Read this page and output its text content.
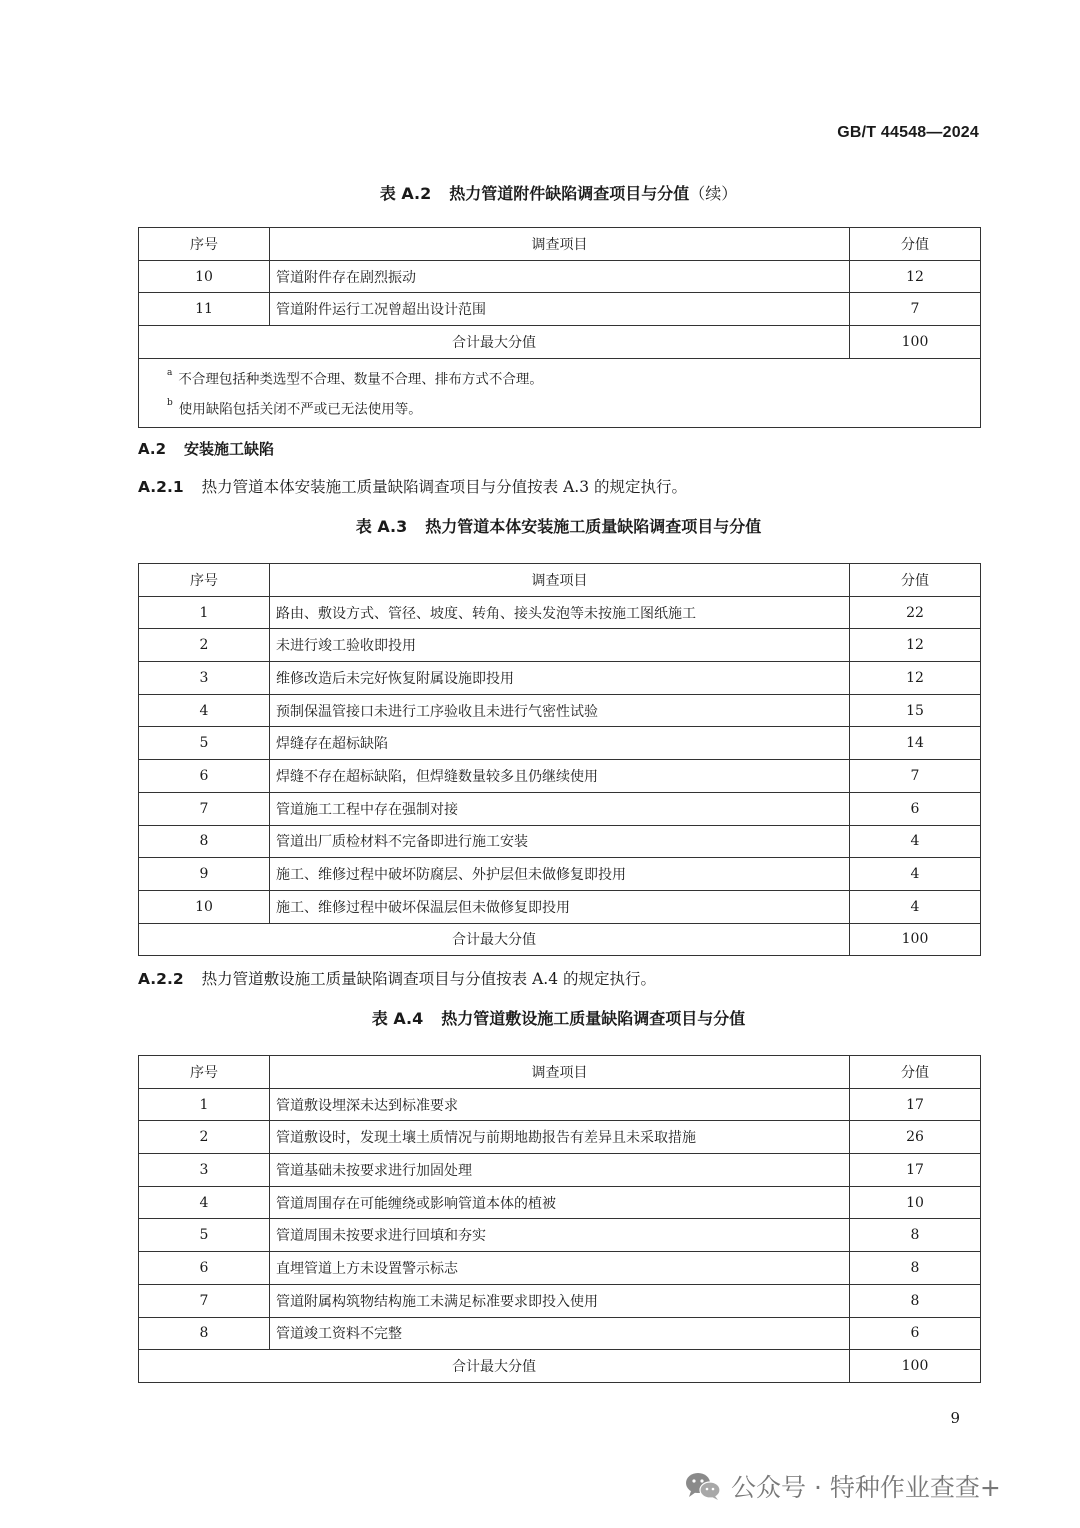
GB/T 44548—2024
表 A.2 热力管道附件缺陷调查项目与分值（续）
序号	调查项目	分值
10	管道附件存在剧烈振动	12
11	管道附件运行工况曾超出设计范围	7
合计最大分值		100

$^a$ 不合理包括种类选型不合理、数量不合理、排布方式不合理。
$^b$ 使用缺陷包括关闭不严或已无法使用等。		
A.2 安装施工缺陷
A.2.1 热力管道本体安装施工质量缺陷调查项目与分值按表 A.3 的规定执行。
表 A.3 热力管道本体安装施工质量缺陷调查项目与分值
序号	调查项目	分值
1	路由、敷设方式、管径、坡度、转角、接头发泡等未按施工图纸施工	22
2	未进行竣工验收即投用	12
3	维修改造后未完好恢复附属设施即投用	12
4	预制保温管接口未进行工序验收且未进行气密性试验	15
5	焊缝存在超标缺陷	14
6	焊缝不存在超标缺陷，但焊缝数量较多且仍继续使用	7
7	管道施工工程中存在强制对接	6
8	管道出厂质检材料不完备即进行施工安装	4
9	施工、维修过程中破坏防腐层、外护层但未做修复即投用	4
10	施工、维修过程中破坏保温层但未做修复即投用	4
合计最大分值		100
A.2.2 热力管道敷设施工质量缺陷调查项目与分值按表 A.4 的规定执行。
表 A.4 热力管道敷设施工质量缺陷调查项目与分值
序号	调查项目	分值
1	管道敷设埋深未达到标准要求	17
2	管道敷设时，发现土壤土质情况与前期地勘报告有差异且未采取措施	26
3	管道基础未按要求进行加固处理	17
4	管道周围存在可能缠绕或影响管道本体的植被	10
5	管道周围未按要求进行回填和夯实	8
6	直埋管道上方未设置警示标志	8
7	管道附属构筑物结构施工未满足标准要求即投入使用	8
8	管道竣工资料不完整	6
合计最大分值		100
9
公众号 · 特种作业查查+
